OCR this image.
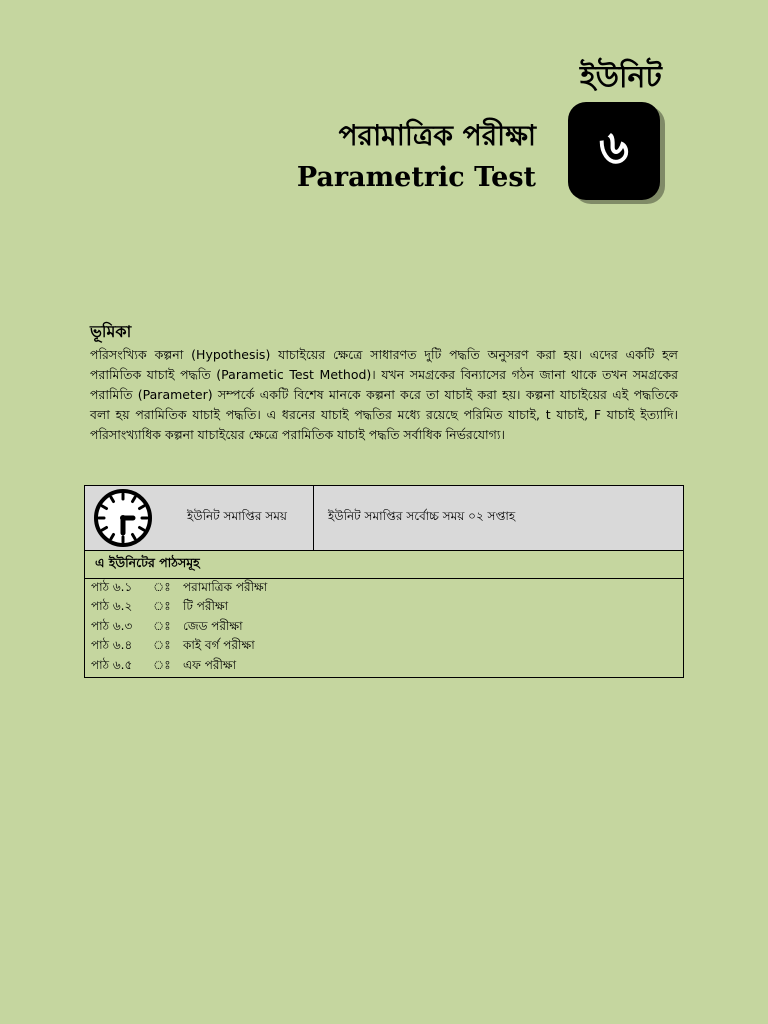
ইউনিট
৬
পরামাত্রিক পরীক্ষা
Parametric Test
ভূমিকা
পরিসংখ্যিক কল্পনা (Hypothesis) যাচাইয়ের ক্ষেত্রে সাধারণত দুটি পদ্ধতি অনুসরণ করা হয়। এদের একটি হল পরামিতিক যাচাই পদ্ধতি (Parametic Test Method)। যখন সমগ্রকের বিন্যাসের গঠন জানা থাকে তখন সমগ্রকের পরামিতি (Parameter) সম্পর্কে একটি বিশেষ মানকে কল্পনা করে তা যাচাই করা হয়। কল্পনা যাচাইয়ের এই পদ্ধতিকে বলা হয় পরামিতিক যাচাই পদ্ধতি। এ ধরনের যাচাই পদ্ধতির মধ্যে রয়েছে পরিমিত যাচাই, t যাচাই, F যাচাই ইত্যাদি। পরিসাংখ্যাধিক কল্পনা যাচাইয়ের ক্ষেত্রে পরামিতিক যাচাই পদ্ধতি সর্বাধিক নির্ভরযোগ্য।
ইউনিট সমাপ্তির সময়	ইউনিট সমাপ্তির সর্বোচ্চ সময় ০২ সপ্তাহ
এ ইউনিটের পাঠসমূহ
পাঠ ৬.১	ঃ	পরামাত্রিক পরীক্ষা
পাঠ ৬.২	ঃ	টি পরীক্ষা
পাঠ ৬.৩	ঃ	জেড পরীক্ষা
পাঠ ৬.৪	ঃ	কাই বর্গ পরীক্ষা
পাঠ ৬.৫	ঃ	এফ পরীক্ষা
